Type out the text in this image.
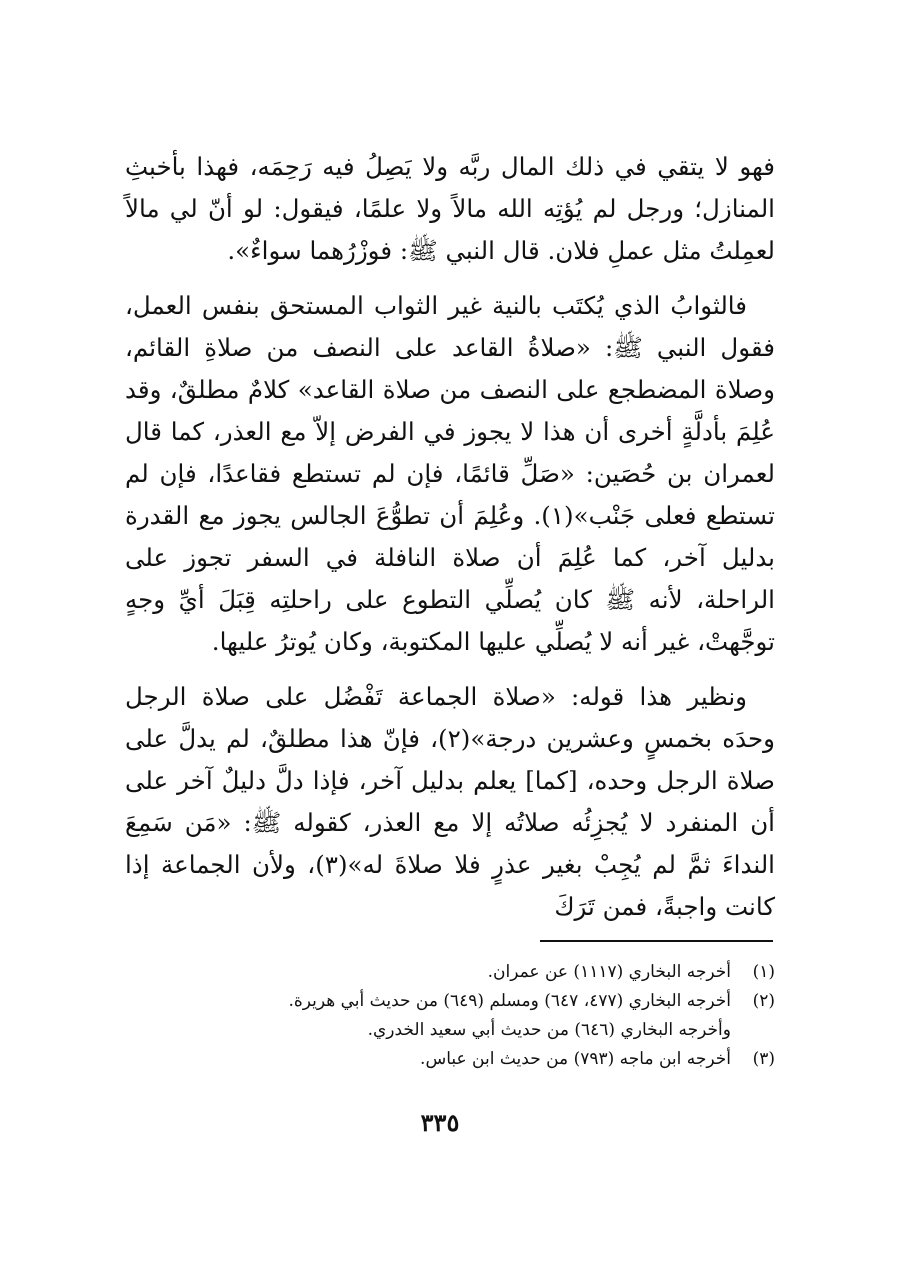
فهو لا يتقي في ذلك المال ربَّه ولا يَصِلُ فيه رَحِمَه، فهذا بأخبثِ المنازل؛ ورجل لم يُؤتِه الله مالاً ولا علمًا، فيقول: لو أنّ لي مالاً لعمِلتُ مثل عملِ فلان. قال النبي ﷺ: فوزْرُهما سواءٌ».

فالثوابُ الذي يُكتَب بالنية غير الثواب المستحق بنفس العمل، فقول النبي ﷺ: «صلاةُ القاعد على النصف من صلاةِ القائم، وصلاة المضطجع على النصف من صلاة القاعد» كلامٌ مطلقٌ، وقد عُلِمَ بأدلَّةٍ أخرى أن هذا لا يجوز في الفرض إلاّ مع العذر، كما قال لعمران بن حُصَين: «صَلِّ قائمًا، فإن لم تستطع فقاعدًا، فإن لم تستطع فعلى جَنْب»(١). وعُلِمَ أن تطوُّعَ الجالس يجوز مع القدرة بدليل آخر، كما عُلِمَ أن صلاة النافلة في السفر تجوز على الراحلة، لأنه ﷺ كان يُصلِّي التطوع على راحلتِه قِبَلَ أيِّ وجهٍ توجَّهتْ، غير أنه لا يُصلِّي عليها المكتوبة، وكان يُوترُ عليها.

ونظير هذا قوله: «صلاة الجماعة تَفْضُل على صلاة الرجل وحدَه بخمسٍ وعشرين درجة»(٢)، فإنّ هذا مطلقٌ، لم يدلَّ على صلاة الرجل وحده، [كما] يعلم بدليل آخر، فإذا دلَّ دليلٌ آخر على أن المنفرد لا يُجزِئُه صلاتُه إلا مع العذر، كقوله ﷺ: «مَن سَمِعَ النداءَ ثمَّ لم يُجِبْ بغير عذرٍ فلا صلاةَ له»(٣)، ولأن الجماعة إذا كانت واجبةً، فمن تَرَكَ

(١)
أخرجه البخاري (١١١٧) عن عمران.
(٢)
أخرجه البخاري (٤٧٧، ٦٤٧) ومسلم (٦٤٩) من حديث أبي هريرة.
وأخرجه البخاري (٦٤٦) من حديث أبي سعيد الخدري.
(٣)
أخرجه ابن ماجه (٧٩٣) من حديث ابن عباس.
٣٣٥
